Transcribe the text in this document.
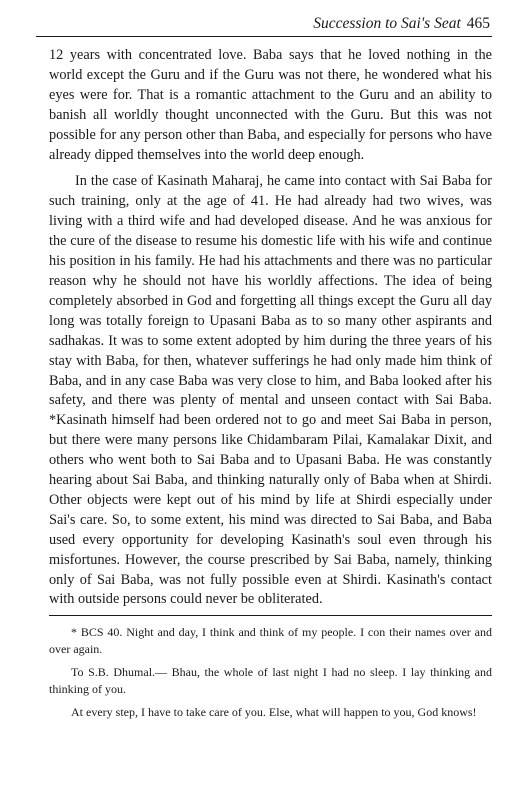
Succession to Sai's Seat 465

12 years with concentrated love. Baba says that he loved nothing in the world except the Guru and if the Guru was not there, he wondered what his eyes were for. That is a romantic attachment to the Guru and an ability to banish all worldly thought unconnected with the Guru. But this was not possible for any person other than Baba, and especially for persons who have already dipped themselves into the world deep enough.

In the case of Kasinath Maharaj, he came into contact with Sai Baba for such training, only at the age of 41. He had already had two wives, was living with a third wife and had developed disease. And he was anxious for the cure of the disease to resume his domestic life with his wife and continue his position in his family. He had his attachments and there was no particular reason why he should not have his worldly affections. The idea of being completely absorbed in God and forgetting all things except the Guru all day long was totally foreign to Upasani Baba as to so many other aspirants and sadhakas. It was to some extent adopted by him during the three years of his stay with Baba, for then, whatever sufferings he had only made him think of Baba, and in any case Baba was very close to him, and Baba looked after his safety, and there was plenty of mental and unseen contact with Sai Baba. *Kasinath himself had been ordered not to go and meet Sai Baba in person, but there were many persons like Chidambaram Pilai, Kamalakar Dixit, and others who went both to Sai Baba and to Upasani Baba. He was constantly hearing about Sai Baba, and thinking naturally only of Baba when at Shirdi. Other objects were kept out of his mind by life at Shirdi especially under Sai's care. So, to some extent, his mind was directed to Sai Baba, and Baba used every opportunity for developing Kasinath's soul even through his misfortunes. However, the course prescribed by Sai Baba, namely, thinking only of Sai Baba, was not fully possible even at Shirdi. Kasinath's contact with outside persons could never be obliterated.

* BCS 40. Night and day, I think and think of my people. I con their names over and over again.

To S.B. Dhumal.— Bhau, the whole of last night I had no sleep. I lay thinking and thinking of you.

At every step, I have to take care of you. Else, what will happen to you, God knows!
